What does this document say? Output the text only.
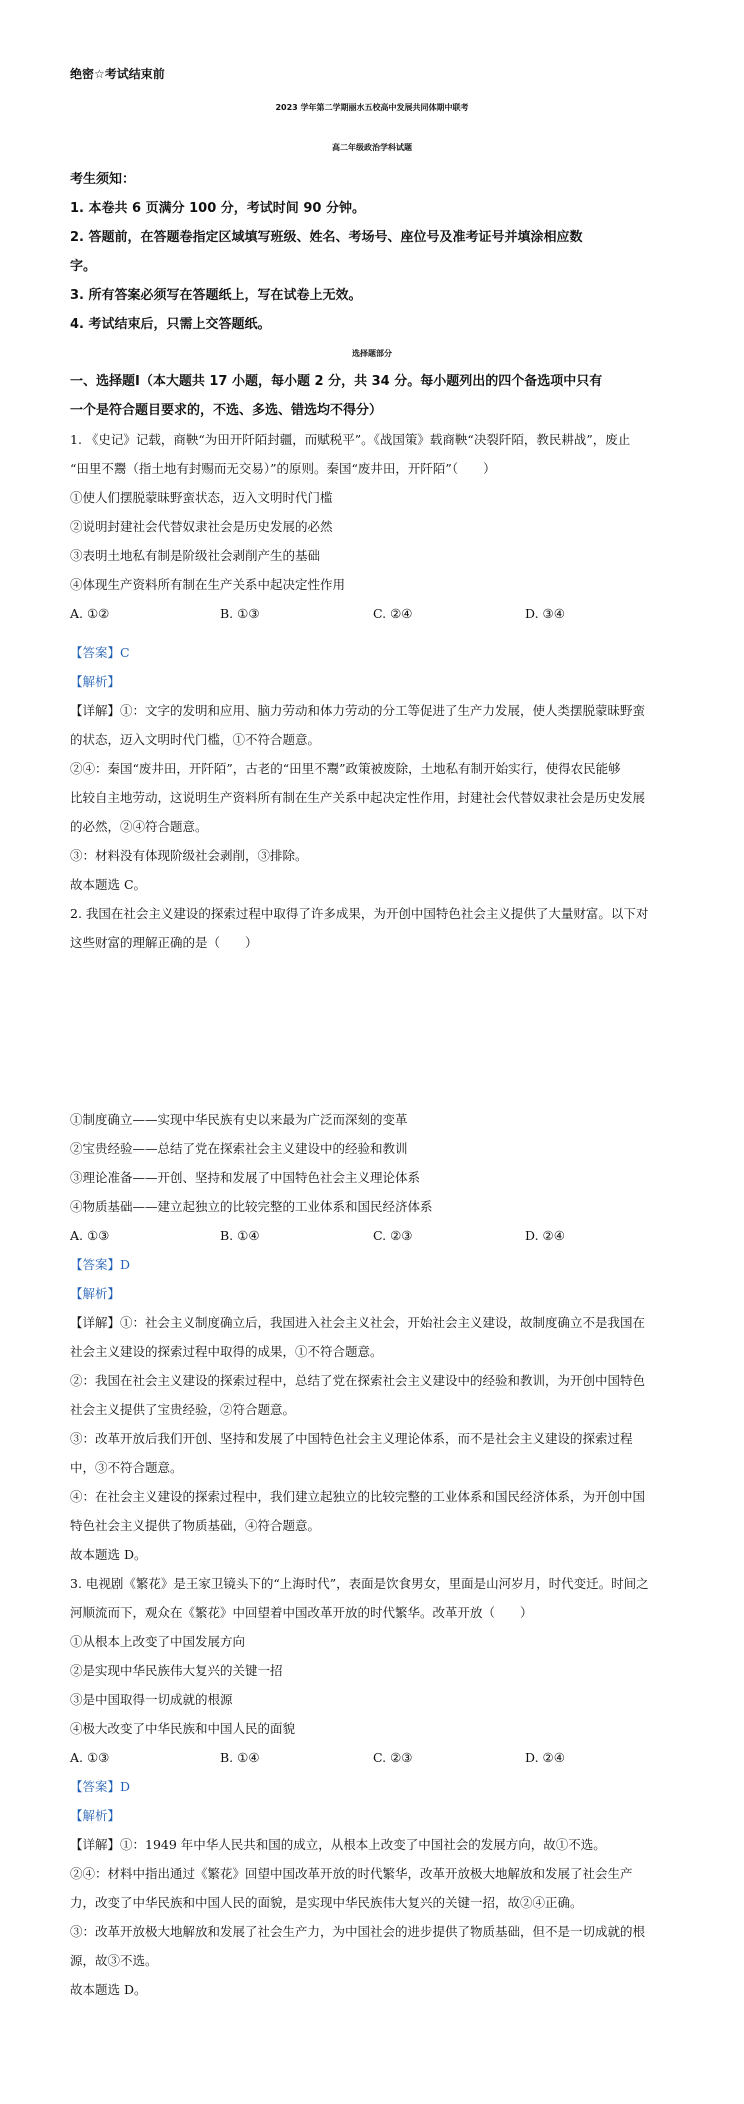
绝密☆考试结束前
2023 学年第二学期丽水五校高中发展共同体期中联考
高二年级政治学科试题
考生须知：
1. 本卷共 6 页满分 100 分，考试时间 90 分钟。
2. 答题前，在答题卷指定区域填写班级、姓名、考场号、座位号及准考证号并填涂相应数
字。
3. 所有答案必须写在答题纸上，写在试卷上无效。
4. 考试结束后，只需上交答题纸。
选择题部分
一、选择题Ⅰ（本大题共 17 小题，每小题 2 分，共 34 分。每小题列出的四个备选项中只有
一个是符合题目要求的，不选、多选、错选均不得分）
1. 《史记》记载，商鞅“为田开阡陌封疆，而赋税平”。《战国策》载商鞅“决裂阡陌，教民耕战”，废止
“田里不鬻（指土地有封赐而无交易）”的原则。秦国“废井田，开阡陌”（　　）
①使人们摆脱蒙昧野蛮状态，迈入文明时代门槛
②说明封建社会代替奴隶社会是历史发展的必然
③表明土地私有制是阶级社会剥削产生的基础
④体现生产资料所有制在生产关系中起决定性作用
A. ①②	B. ①③	C. ②④	D. ③④
【答案】C
【解析】
【详解】①：文字的发明和应用、脑力劳动和体力劳动的分工等促进了生产力发展，使人类摆脱蒙昧野蛮
的状态，迈入文明时代门槛，①不符合题意。
②④：秦国“废井田，开阡陌”，古老的“田里不鬻”政策被废除，土地私有制开始实行，使得农民能够
比较自主地劳动，这说明生产资料所有制在生产关系中起决定性作用，封建社会代替奴隶社会是历史发展
的必然，②④符合题意。
③：材料没有体现阶级社会剥削，③排除。
故本题选 C。
2. 我国在社会主义建设的探索过程中取得了许多成果，为开创中国特色社会主义提供了大量财富。以下对
这些财富的理解正确的是（　　）
①制度确立——实现中华民族有史以来最为广泛而深刻的变革
②宝贵经验——总结了党在探索社会主义建设中的经验和教训
③理论准备——开创、坚持和发展了中国特色社会主义理论体系
④物质基础——建立起独立的比较完整的工业体系和国民经济体系
A. ①③	B. ①④	C. ②③	D. ②④
【答案】D
【解析】
【详解】①：社会主义制度确立后，我国进入社会主义社会，开始社会主义建设，故制度确立不是我国在
社会主义建设的探索过程中取得的成果，①不符合题意。
②：我国在社会主义建设的探索过程中，总结了党在探索社会主义建设中的经验和教训，为开创中国特色
社会主义提供了宝贵经验，②符合题意。
③：改革开放后我们开创、坚持和发展了中国特色社会主义理论体系，而不是社会主义建设的探索过程
中，③不符合题意。
④：在社会主义建设的探索过程中，我们建立起独立的比较完整的工业体系和国民经济体系，为开创中国
特色社会主义提供了物质基础，④符合题意。
故本题选 D。
3. 电视剧《繁花》是王家卫镜头下的“上海时代”，表面是饮食男女，里面是山河岁月，时代变迁。时间之
河顺流而下，观众在《繁花》中回望着中国改革开放的时代繁华。改革开放（　　）
①从根本上改变了中国发展方向
②是实现中华民族伟大复兴的关键一招
③是中国取得一切成就的根源
④极大改变了中华民族和中国人民的面貌
A. ①③	B. ①④	C. ②③	D. ②④
【答案】D
【解析】
【详解】①：1949 年中华人民共和国的成立，从根本上改变了中国社会的发展方向，故①不选。
②④：材料中指出通过《繁花》回望中国改革开放的时代繁华，改革开放极大地解放和发展了社会生产
力，改变了中华民族和中国人民的面貌，是实现中华民族伟大复兴的关键一招，故②④正确。
③：改革开放极大地解放和发展了社会生产力，为中国社会的进步提供了物质基础，但不是一切成就的根
源，故③不选。
故本题选 D。
